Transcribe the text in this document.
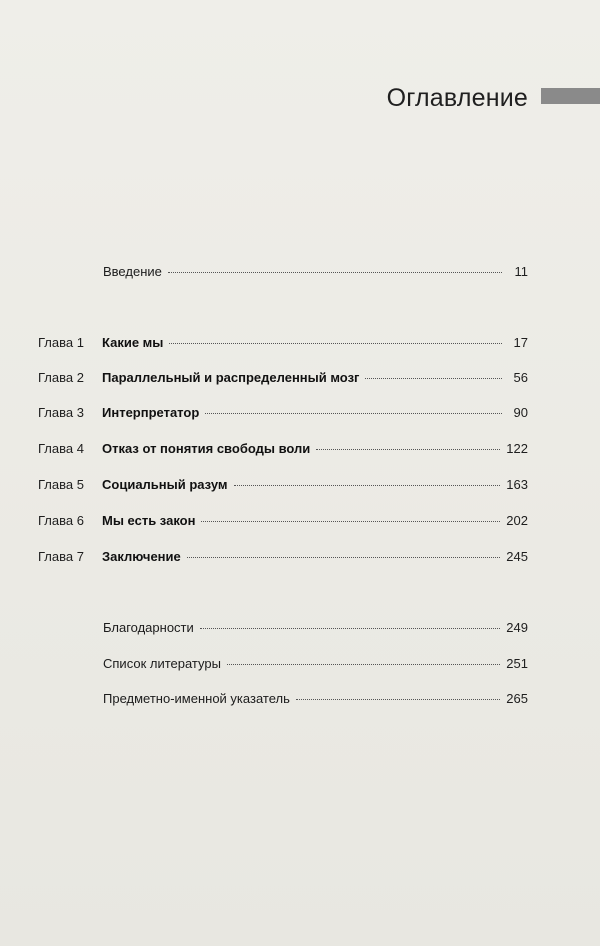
Оглавление
Введение	11
Глава 1	Какие мы	17
Глава 2	Параллельный и распределенный мозг	56
Глава 3	Интерпретатор	90
Глава 4	Отказ от понятия свободы воли	122
Глава 5	Социальный разум	163
Глава 6	Мы есть закон	202
Глава 7	Заключение	245
Благодарности	249
Список литературы	251
Предметно-именной указатель	265
